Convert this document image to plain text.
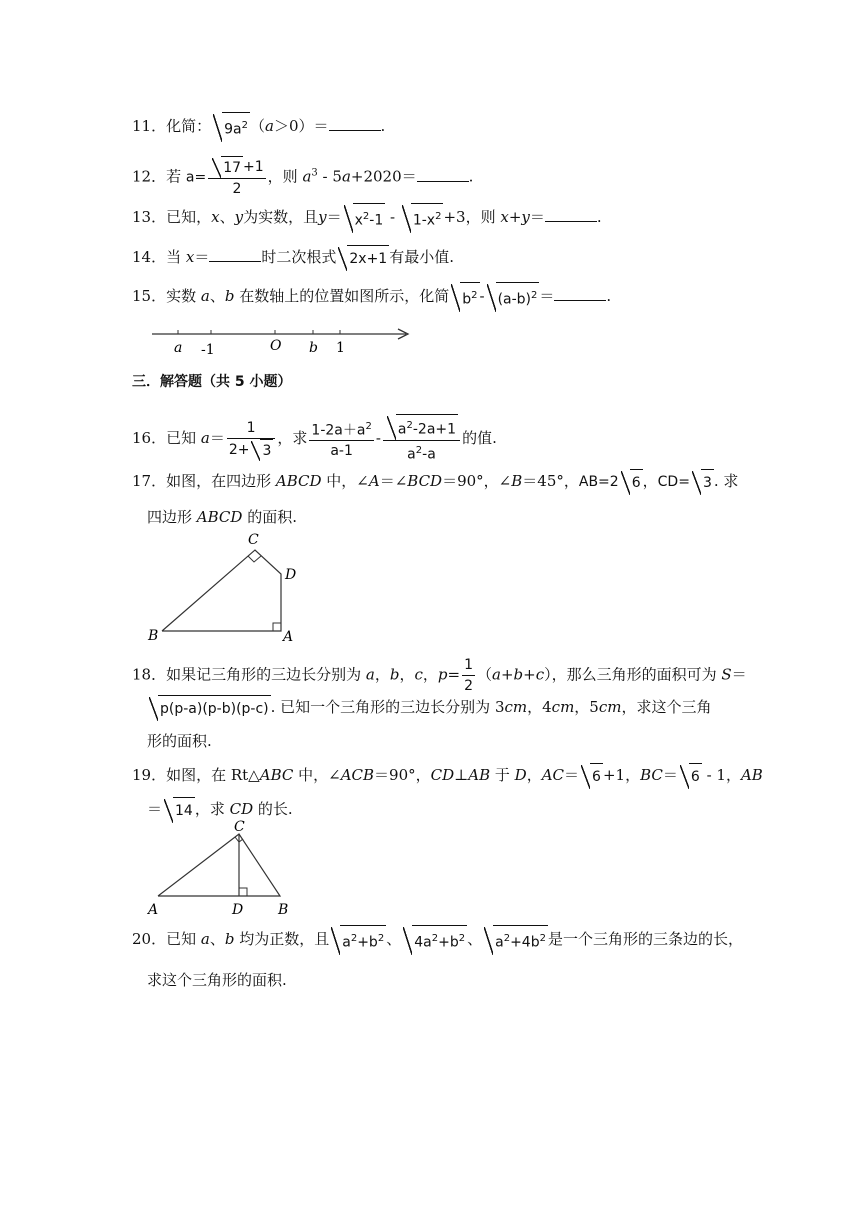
11．化简： $9a^2$ （a＞0）＝	.
12．若 $a= \frac{17 +1}{2}$ ，则 $a^3 - 5a+2020=$	.
13．已知，x、y为实数，且$y= x^2-1 - 1-x^2 +3$，则 x+y＝	.
14．当 x＝	时二次根式 2x+1 有最小值.
15．实数 a、b 在数轴上的位置如图所示，化简 $b^2 - (a-b)^2$ ＝	.
a -1	O b 1
三．解答题（共 5 小题）
16．已知 $a= \frac{1}{2+ 3}$ ，求 $\frac{1-2a+a^2}{a-1} - \frac{a^2-2a+1}{a^2-a}$ 的值.
17．如图，在四边形 ABCD 中，∠A＝∠BCD＝90°，∠B＝45°，AB=2 6 ，CD= 3 . 求
四边形 ABCD 的面积.
C
D
B	A
18．如果记三角形的三边长分别为 a，b，c，$p= \frac{1}{2} (a+b+c)$，那么三角形的面积可为 S＝
p(p-a)(p-b)(p-c) . 已知一个三角形的三边长分别为 3cm，4cm，5cm，求这个三角
形的面积.
19．如图，在 Rt△ABC 中，∠ACB＝90°，CD⊥AB 于 D，AC＝ 6 +1，BC＝ 6 - 1，AB
＝ 14 ，求 CD 的长.
C
A	D B
20．已知 a、b 均为正数，且 $a^2+b^2$ 、 $4a^2+b^2$ 、 $a^2+4b^2$ 是一个三角形的三条边的长，
求这个三角形的面积.
